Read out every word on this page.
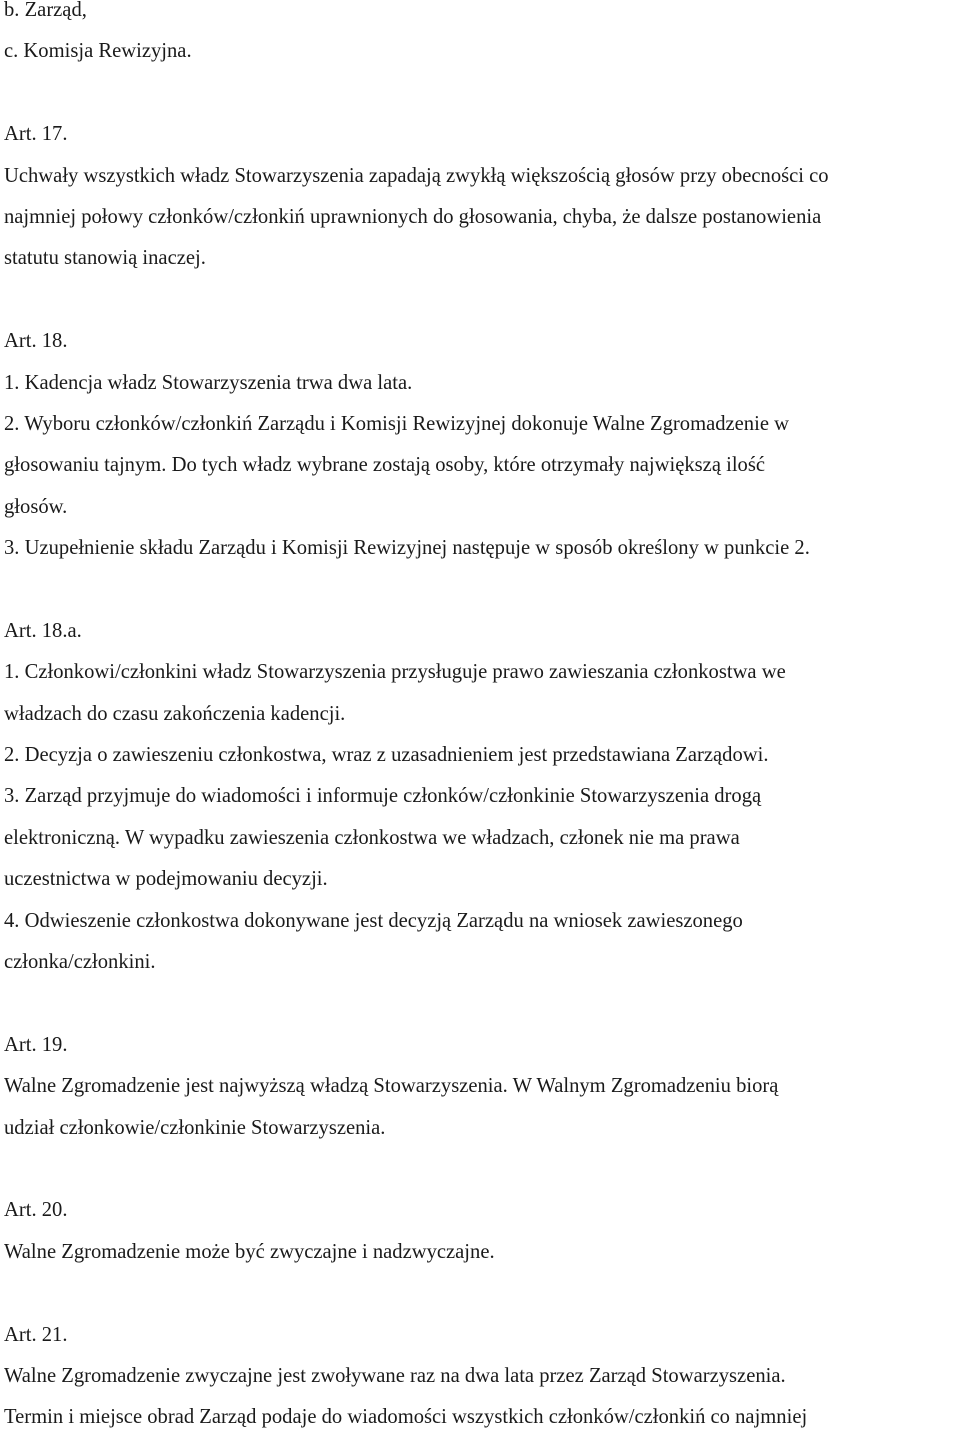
b. Zarząd,
c. Komisja Rewizyjna.
Art. 17.
Uchwały wszystkich władz Stowarzyszenia zapadają zwykłą większością głosów przy obecności co
najmniej połowy członków/członkiń uprawnionych do głosowania, chyba, że dalsze postanowienia
statutu stanowią inaczej.
Art. 18.
1. Kadencja władz Stowarzyszenia trwa dwa lata.
2. Wyboru członków/członkiń Zarządu i Komisji Rewizyjnej dokonuje Walne Zgromadzenie w
głosowaniu tajnym. Do tych władz wybrane zostają osoby, które otrzymały największą ilość
głosów.
3. Uzupełnienie składu Zarządu i Komisji Rewizyjnej następuje w sposób określony w punkcie 2.
Art. 18.a.
1. Członkowi/członkini władz Stowarzyszenia przysługuje prawo zawieszania członkostwa we
władzach do czasu zakończenia kadencji.
2. Decyzja o zawieszeniu członkostwa, wraz z uzasadnieniem jest przedstawiana Zarządowi.
3. Zarząd przyjmuje do wiadomości i informuje członków/członkinie Stowarzyszenia drogą
elektroniczną. W wypadku zawieszenia członkostwa we władzach, członek nie ma prawa
uczestnictwa w podejmowaniu decyzji.
4. Odwieszenie członkostwa dokonywane jest decyzją Zarządu na wniosek zawieszonego
członka/członkini.
Art. 19.
Walne Zgromadzenie jest najwyższą władzą Stowarzyszenia. W Walnym Zgromadzeniu biorą
udział członkowie/członkinie Stowarzyszenia.
Art. 20.
Walne Zgromadzenie może być zwyczajne i nadzwyczajne.
Art. 21.
Walne Zgromadzenie zwyczajne jest zwoływane raz na dwa lata przez Zarząd Stowarzyszenia.
Termin i miejsce obrad Zarząd podaje do wiadomości wszystkich członków/członkiń co najmniej
